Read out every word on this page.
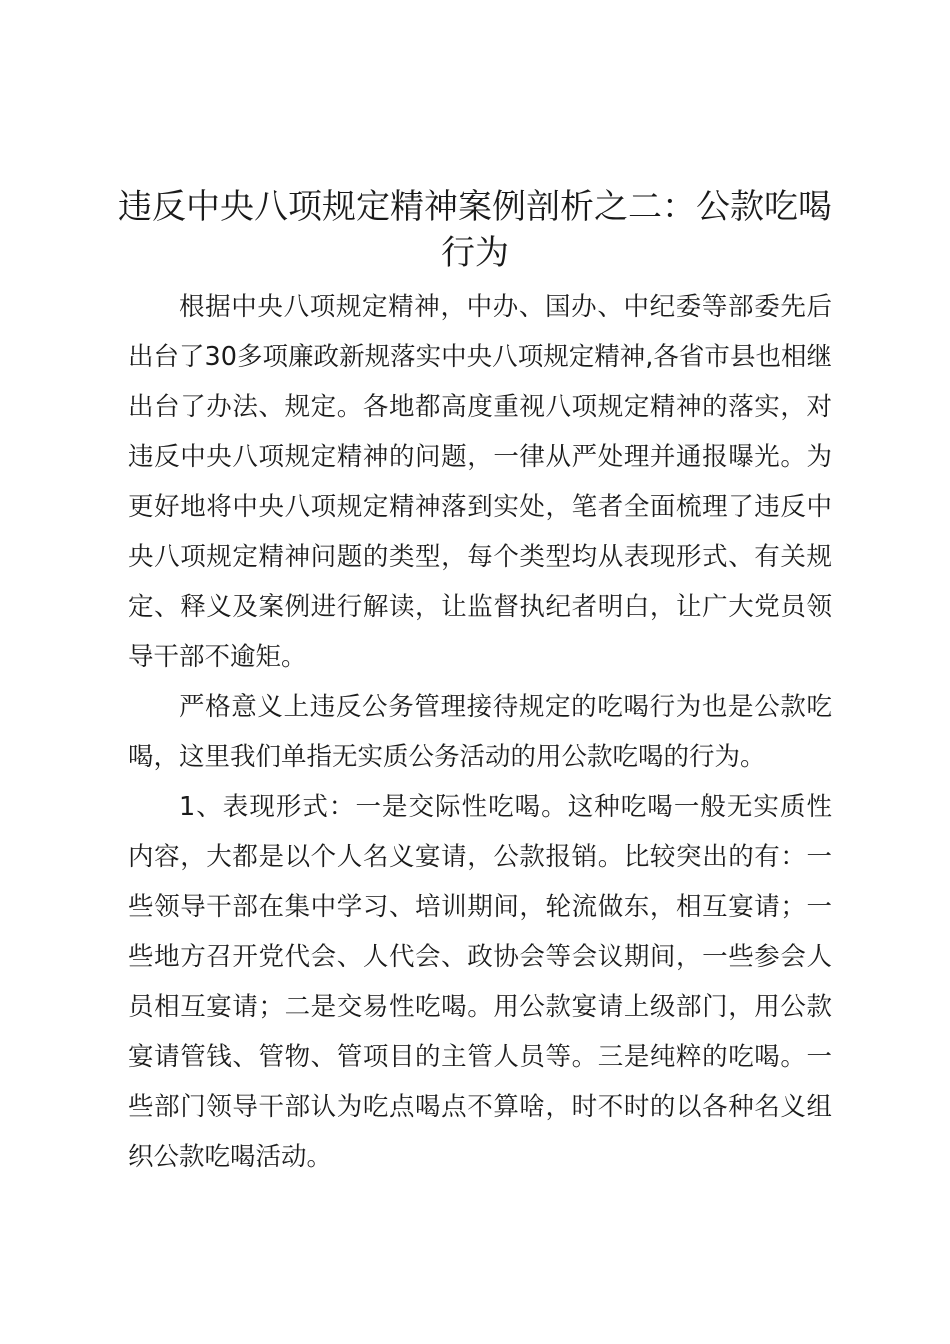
违反中央八项规定精神案例剖析之二：公款吃喝行为

根据中央八项规定精神，中办、国办、中纪委等部委先后出台了30多项廉政新规落实中央八项规定精神,各省市县也相继出台了办法、规定。各地都高度重视八项规定精神的落实，对违反中央八项规定精神的问题，一律从严处理并通报曝光。为更好地将中央八项规定精神落到实处，笔者全面梳理了违反中央八项规定精神问题的类型，每个类型均从表现形式、有关规定、释义及案例进行解读，让监督执纪者明白，让广大党员领导干部不逾矩。

严格意义上违反公务管理接待规定的吃喝行为也是公款吃喝，这里我们单指无实质公务活动的用公款吃喝的行为。

1、表现形式：一是交际性吃喝。这种吃喝一般无实质性内容，大都是以个人名义宴请，公款报销。比较突出的有：一些领导干部在集中学习、培训期间，轮流做东，相互宴请；一些地方召开党代会、人代会、政协会等会议期间，一些参会人员相互宴请；二是交易性吃喝。用公款宴请上级部门，用公款宴请管钱、管物、管项目的主管人员等。三是纯粹的吃喝。一些部门领导干部认为吃点喝点不算啥，时不时的以各种名义组织公款吃喝活动。
